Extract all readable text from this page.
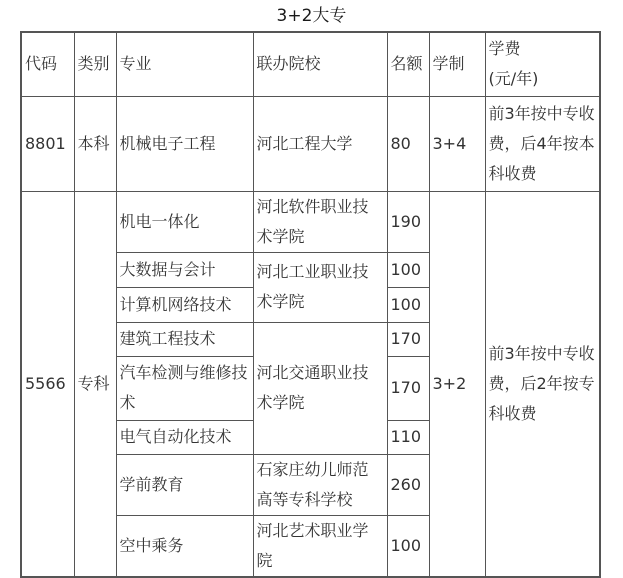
3+2大专
代码	类别	专业	联办院校	名额	学制	学费
(元/年)

8801	本科	机械电子工程	河北工程大学	80	3+4	前3年按中专收费，后4年按本科收费
5566	专科	机电一体化	河北软件职业技术学院	190	3+2	前3年按中专收费，后2年按专科收费
		大数据与会计	河北工业职业技术学院	100		
		计算机网络技术		100		
		建筑工程技术	河北交通职业技术学院	170		
		汽车检测与维修技术		170		
		电气自动化技术		110		
		学前教育	石家庄幼儿师范高等专科学校	260		
		空中乘务	河北艺术职业学院	100		
